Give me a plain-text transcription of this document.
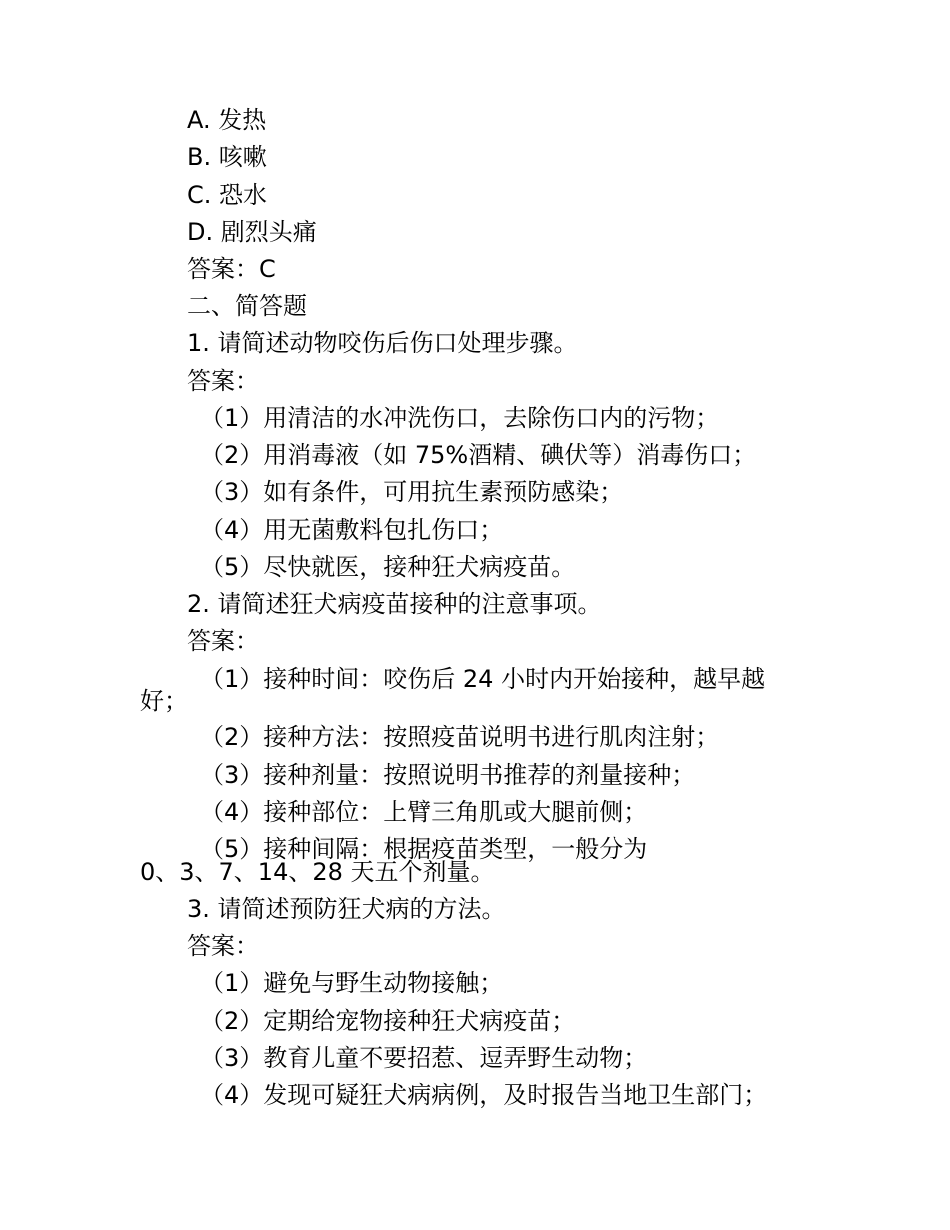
A. 发热
B. 咳嗽
C. 恐水
D. 剧烈头痛
答案：C
二、简答题
1. 请简述动物咬伤后伤口处理步骤。
答案：
（1）用清洁的水冲洗伤口，去除伤口内的污物；
（2）用消毒液（如 75%酒精、碘伏等）消毒伤口；
（3）如有条件，可用抗生素预防感染；
（4）用无菌敷料包扎伤口；
（5）尽快就医，接种狂犬病疫苗。
2. 请简述狂犬病疫苗接种的注意事项。
答案：
（1）接种时间：咬伤后 24 小时内开始接种，越早越
好；
（2）接种方法：按照疫苗说明书进行肌肉注射；
（3）接种剂量：按照说明书推荐的剂量接种；
（4）接种部位：上臂三角肌或大腿前侧；
（5）接种间隔：根据疫苗类型，一般分为
0、3、7、14、28 天五个剂量。
3. 请简述预防狂犬病的方法。
答案：
（1）避免与野生动物接触；
（2）定期给宠物接种狂犬病疫苗；
（3）教育儿童不要招惹、逗弄野生动物；
（4）发现可疑狂犬病病例，及时报告当地卫生部门；
